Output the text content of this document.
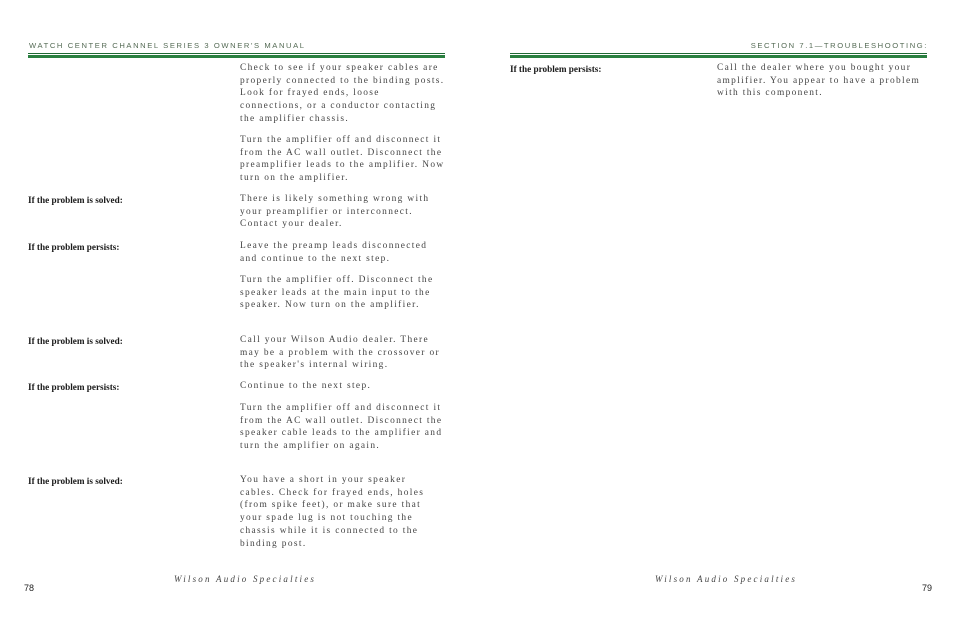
WATCH CENTER CHANNEL SERIES 3 OWNER'S MANUAL

Check to see if your speaker cables are properly connected to the binding posts. Look for frayed ends, loose connections, or a conductor contacting the amplifier chassis.

Turn the amplifier off and disconnect it from the AC wall outlet. Disconnect the preamplifier leads to the amplifier. Now turn on the amplifier.

If the problem is solved:	There is likely something wrong with your preamplifier or interconnect. Contact your dealer.

If the problem persists:	Leave the preamp leads disconnected and continue to the next step.

Turn the amplifier off. Disconnect the speaker leads at the main input to the speaker. Now turn on the amplifier.

If the problem is solved:	Call your Wilson Audio dealer. There may be a problem with the crossover or the speaker's internal wiring.

If the problem persists:	Continue to the next step.

Turn the amplifier off and disconnect it from the AC wall outlet. Disconnect the speaker cable leads to the amplifier and turn the amplifier on again.

If the problem is solved:	You have a short in your speaker cables. Check for frayed ends, holes (from spike feet), or make sure that your spade lug is not touching the chassis while it is connected to the binding post.

Wilson Audio Specialties
78
SECTION 7.1—TROUBLESHOOTING:
If the problem persists:	Call the dealer where you bought your amplifier. You appear to have a problem with this component.

Wilson Audio Specialties
79
